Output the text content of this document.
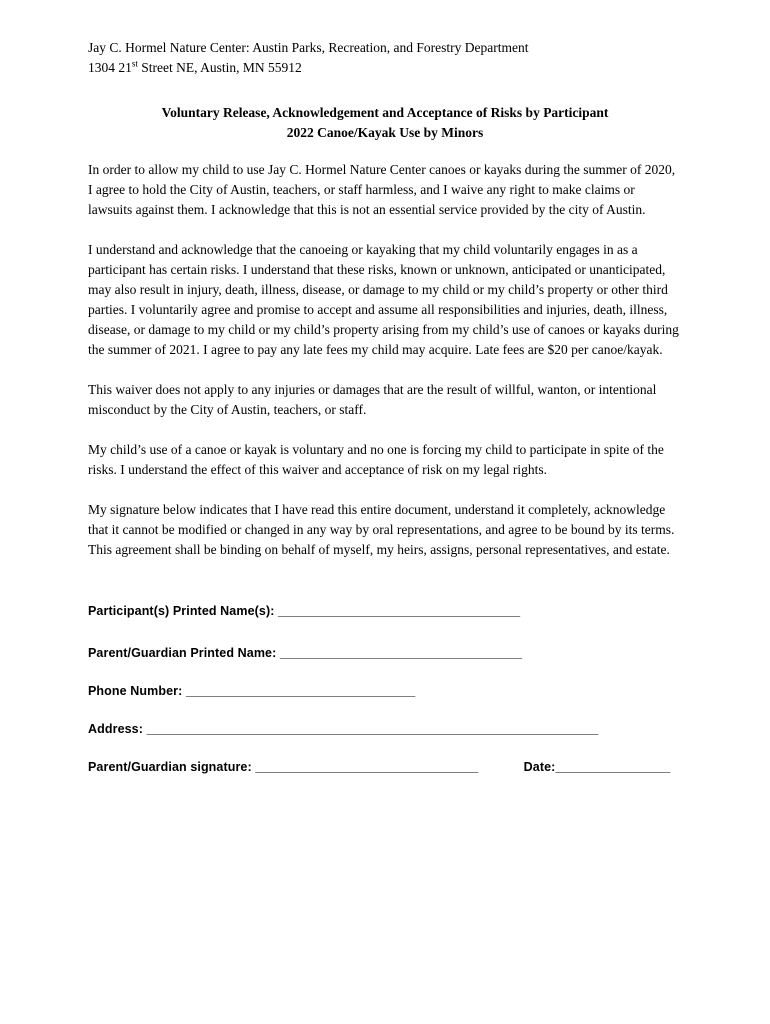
Jay C. Hormel Nature Center: Austin Parks, Recreation, and Forestry Department
1304 21st Street NE, Austin, MN 55912
Voluntary Release, Acknowledgement and Acceptance of Risks by Participant
2022 Canoe/Kayak Use by Minors

In order to allow my child to use Jay C. Hormel Nature Center canoes or kayaks during the summer of 2020, I agree to hold the City of Austin, teachers, or staff harmless, and I waive any right to make claims or lawsuits against them. I acknowledge that this is not an essential service provided by the city of Austin.

I understand and acknowledge that the canoeing or kayaking that my child voluntarily engages in as a participant has certain risks. I understand that these risks, known or unknown, anticipated or unanticipated, may also result in injury, death, illness, disease, or damage to my child or my child’s property or other third parties. I voluntarily agree and promise to accept and assume all responsibilities and injuries, death, illness, disease, or damage to my child or my child’s property arising from my child’s use of canoes or kayaks during the summer of 2021. I agree to pay any late fees my child may acquire. Late fees are $20 per canoe/kayak.

This waiver does not apply to any injuries or damages that are the result of willful, wanton, or intentional misconduct by the City of Austin, teachers, or staff.

My child’s use of a canoe or kayak is voluntary and no one is forcing my child to participate in spite of the risks. I understand the effect of this waiver and acceptance of risk on my legal rights.

My signature below indicates that I have read this entire document, understand it completely, acknowledge that it cannot be modified or changed in any way by oral representations, and agree to be bound by its terms. This agreement shall be binding on behalf of myself, my heirs, assigns, personal representatives, and estate.

Participant(s) Printed Name(s): ______________________________________
Parent/Guardian Printed Name: ______________________________________
Phone Number: ____________________________________
Address: _______________________________________________________________________
Parent/Guardian signature: ___________________________________	Date:__________________
